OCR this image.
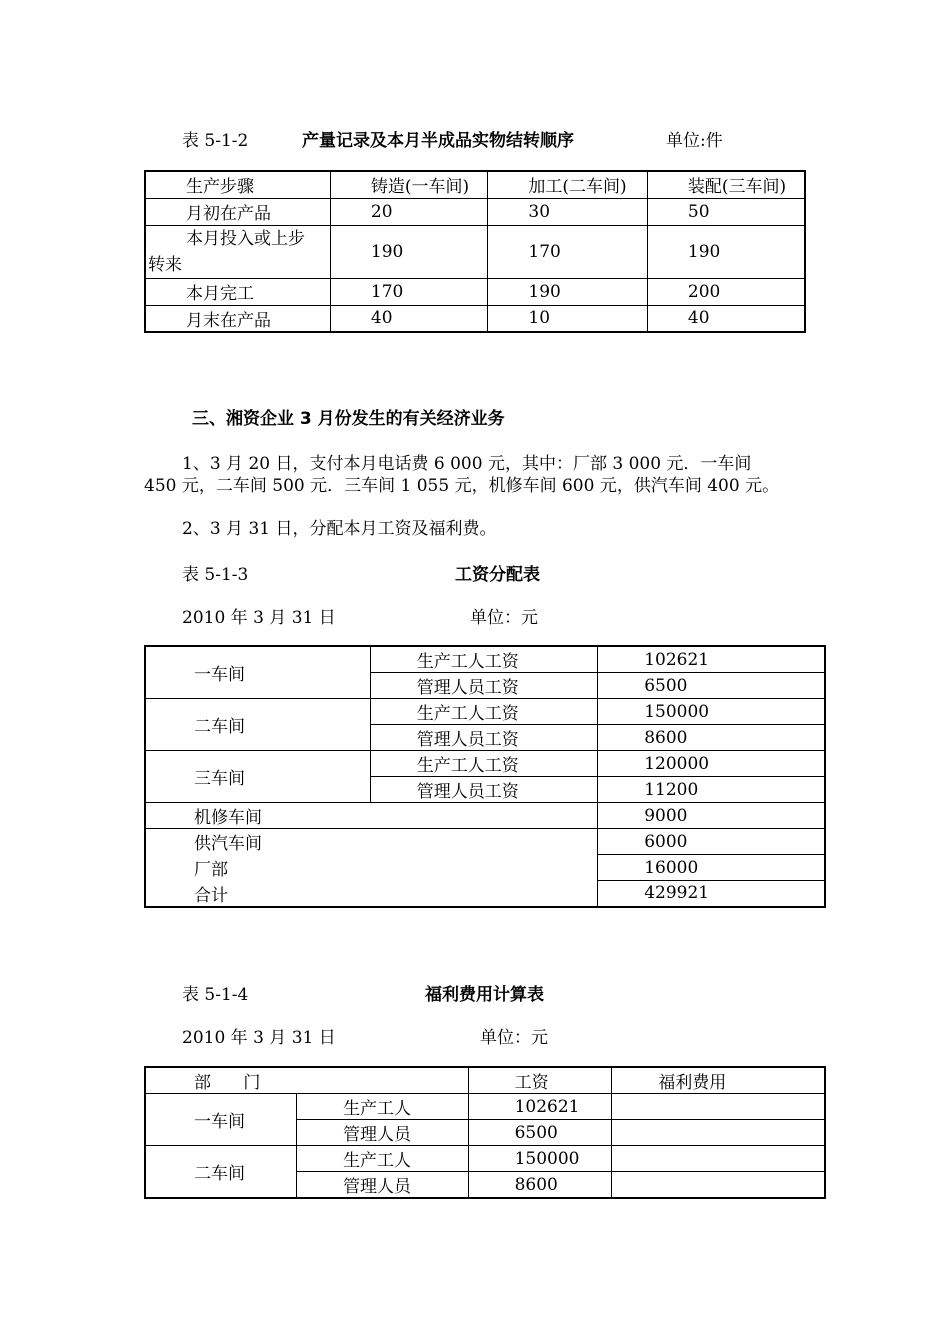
表 5-1-2	产量记录及本月半成品实物结转顺序	单位:件
生产步骤	铸造(一车间)	加工(二车间)	装配(三车间)
月初在产品	20	30	50

本月投入或上步
转来	190	170	190
本月完工	170	190	200
月末在产品	40	10	40
三、湘资企业 3 月份发生的有关经济业务
1、3 月 20 日，支付本月电话费 6 000 元，其中：厂部 3 000 元．一车间
450 元，二车间 500 元．三车间 1 055 元，机修车间 600 元，供汽车间 400 元。
2、3 月 31 日，分配本月工资及福利费。
表 5-1-3	工资分配表
2010 年 3 月 31 日	单位：元
一车间	生产工人工资	102621
	管理人员工资	6500
二车间	生产工人工资	150000
	管理人员工资	8600
三车间	生产工人工资	120000
	管理人员工资	11200
机修车间		9000
供汽车间		6000
厂部		16000
合计		429921
表 5-1-4	福利费用计算表
2010 年 3 月 31 日	单位：元
部      门		工资	福利费用
一车间	生产工人	102621	
	管理人员	6500	
二车间	生产工人	150000	
	管理人员	8600	
